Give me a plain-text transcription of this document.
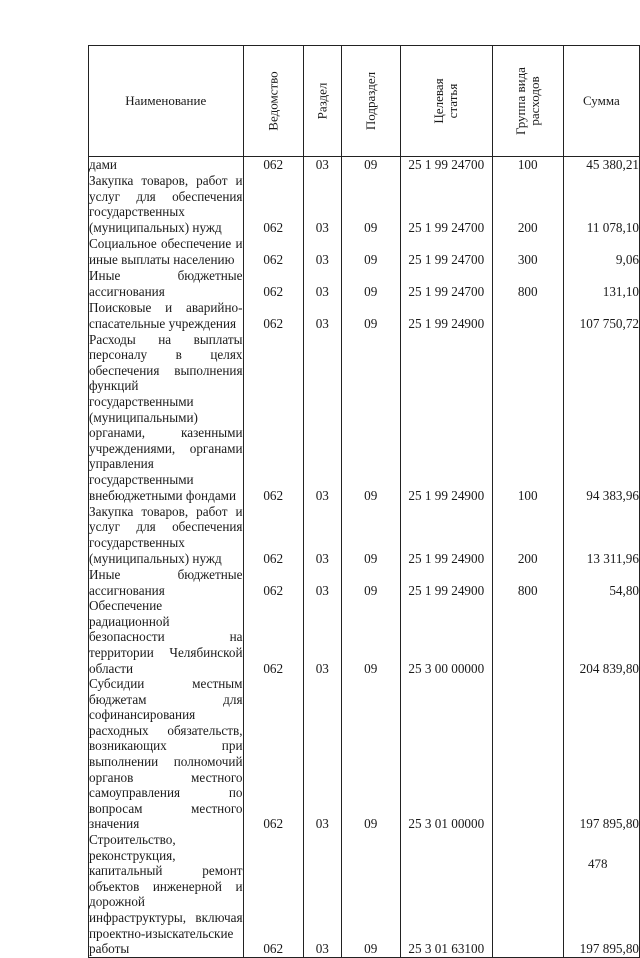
Наименование	Ведомство	Раздел	Подраздел	Целевая статья	Группа вида расходов	Сумма
дами	062	03	09	25 1 99 24700	100	45 380,21
Закупка товаров, работ и услуг для обеспечения государственных (муниципальных) нужд	062	03	09	25 1 99 24700	200	11 078,10
Социальное обеспечение и иные выплаты населению	062	03	09	25 1 99 24700	300	9,06
Иные бюджетные ассигнования	062	03	09	25 1 99 24700	800	131,10
Поисковые и аварийно-спасательные учреждения	062	03	09	25 1 99 24900		107 750,72
Расходы на выплаты персоналу в целях обеспечения выполнения функций государственными (муниципальными) органами, казенными учреждениями, органами управления государственными внебюджетными фондами	062	03	09	25 1 99 24900	100	94 383,96
Закупка товаров, работ и услуг для обеспечения государственных (муниципальных) нужд	062	03	09	25 1 99 24900	200	13 311,96
Иные бюджетные ассигнования	062	03	09	25 1 99 24900	800	54,80
Обеспечение радиационной безопасности на территории Челябинской области	062	03	09	25 3 00 00000		204 839,80
Субсидии местным бюджетам для софинансирования расходных обязательств, возникающих при выполнении полномочий органов местного самоуправления по вопросам местного значения	062	03	09	25 3 01 00000		197 895,80
Строительство, реконструкция, капитальный ремонт объектов инженерной и дорожной инфраструктуры, включая проектно-изыскательские работы	062	03	09	25 3 01 63100		197 895,80
478
